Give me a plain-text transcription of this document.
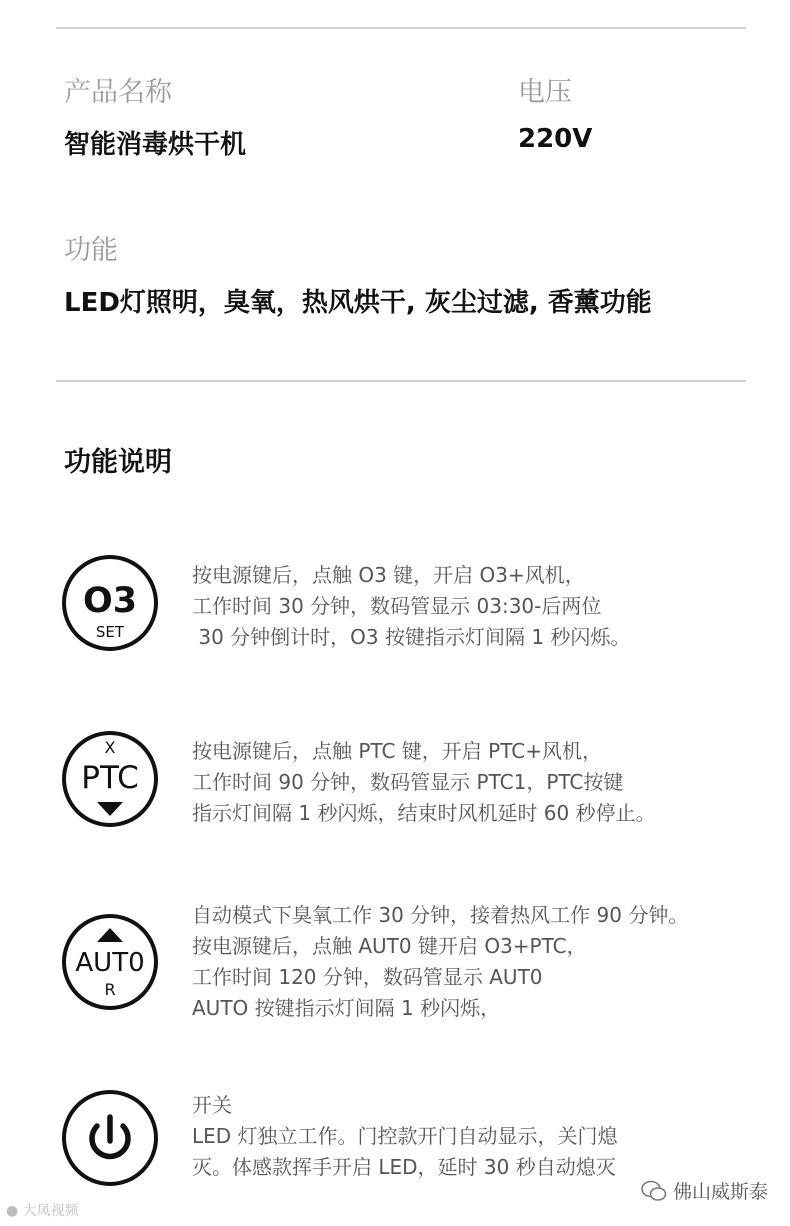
产品名称
智能消毒烘干机
电压
220V
功能
LED灯照明，臭氧，热风烘干, 灰尘过滤, 香薰功能
功能说明
O3
SET
按电源键后，点触 O3 键，开启 O3+风机，
工作时间 30 分钟，数码管显示 03:30-后两位
30 分钟倒计时，O3 按键指示灯间隔 1 秒闪烁。
X
PTC
按电源键后，点触 PTC 键，开启 PTC+风机，
工作时间 90 分钟，数码管显示 PTC1，PTC按键
指示灯间隔 1 秒闪烁，结束时风机延时 60 秒停止。
AUT0
R
自动模式下臭氧工作 30 分钟，接着热风工作 90 分钟。
按电源键后，点触 AUT0 键开启 O3+PTC，
工作时间 120 分钟，数码管显示 AUT0
AUTO 按键指示灯间隔 1 秒闪烁，
开关
LED 灯独立工作。门控款开门自动显示，关门熄
灭。体感款挥手开启 LED，延时 30 秒自动熄灭
● 大凤视频
佛山威斯泰
